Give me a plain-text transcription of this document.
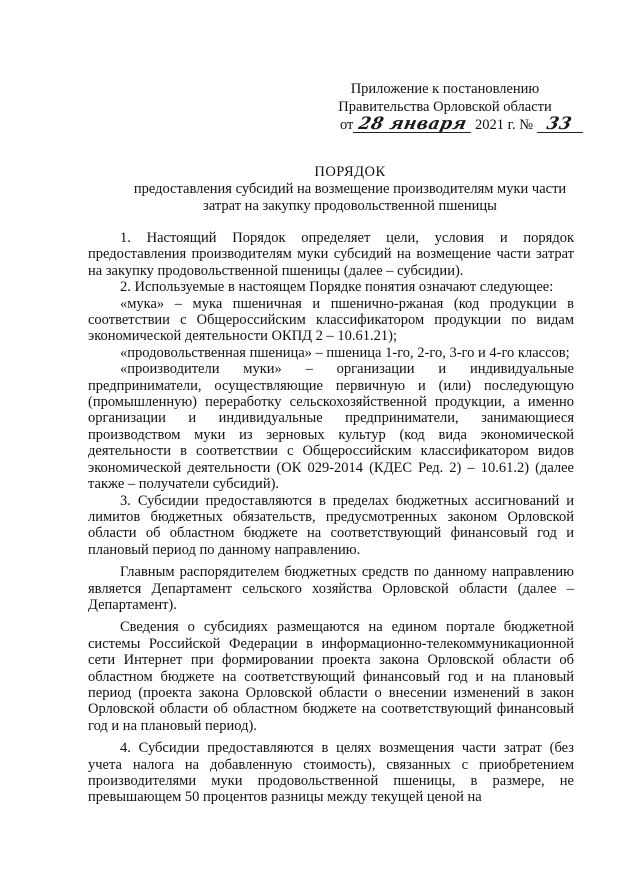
Приложение к постановлению
Правительства Орловской области
от 28 января 2021 г. № 33
ПОРЯДОК
предоставления субсидий на возмещение производителям муки части
затрат на закупку продовольственной пшеницы

1. Настоящий Порядок определяет цели, условия и порядок предоставления производителям муки субсидий на возмещение части затрат на закупку продовольственной пшеницы (далее – субсидии).

2. Используемые в настоящем Порядке понятия означают следующее:

«мука» – мука пшеничная и пшенично-ржаная (код продукции в соответствии с Общероссийским классификатором продукции по видам экономической деятельности ОКПД 2 – 10.61.21);

«продовольственная пшеница» – пшеница 1-го, 2-го, 3-го и 4-го классов;

«производители муки» – организации и индивидуальные предприниматели, осуществляющие первичную и (или) последующую (промышленную) переработку сельскохозяйственной продукции, а именно организации и индивидуальные предприниматели, занимающиеся производством муки из зерновых культур (код вида экономической деятельности в соответствии с Общероссийским классификатором видов экономической деятельности (ОК 029-2014 (КДЕС Ред. 2) – 10.61.2) (далее также – получатели субсидий).

3. Субсидии предоставляются в пределах бюджетных ассигнований и лимитов бюджетных обязательств, предусмотренных законом Орловской области об областном бюджете на соответствующий финансовый год и плановый период по данному направлению.

Главным распорядителем бюджетных средств по данному направлению является Департамент сельского хозяйства Орловской области (далее – Департамент).

Сведения о субсидиях размещаются на едином портале бюджетной системы Российской Федерации в информационно-телекоммуникационной сети Интернет при формировании проекта закона Орловской области об областном бюджете на соответствующий финансовый год и на плановый период (проекта закона Орловской области о внесении изменений в закон Орловской области об областном бюджете на соответствующий финансовый год и на плановый период).

4. Субсидии предоставляются в целях возмещения части затрат (без учета налога на добавленную стоимость), связанных с приобретением производителями муки продовольственной пшеницы, в размере, не превышающем 50 процентов разницы между текущей ценой на
